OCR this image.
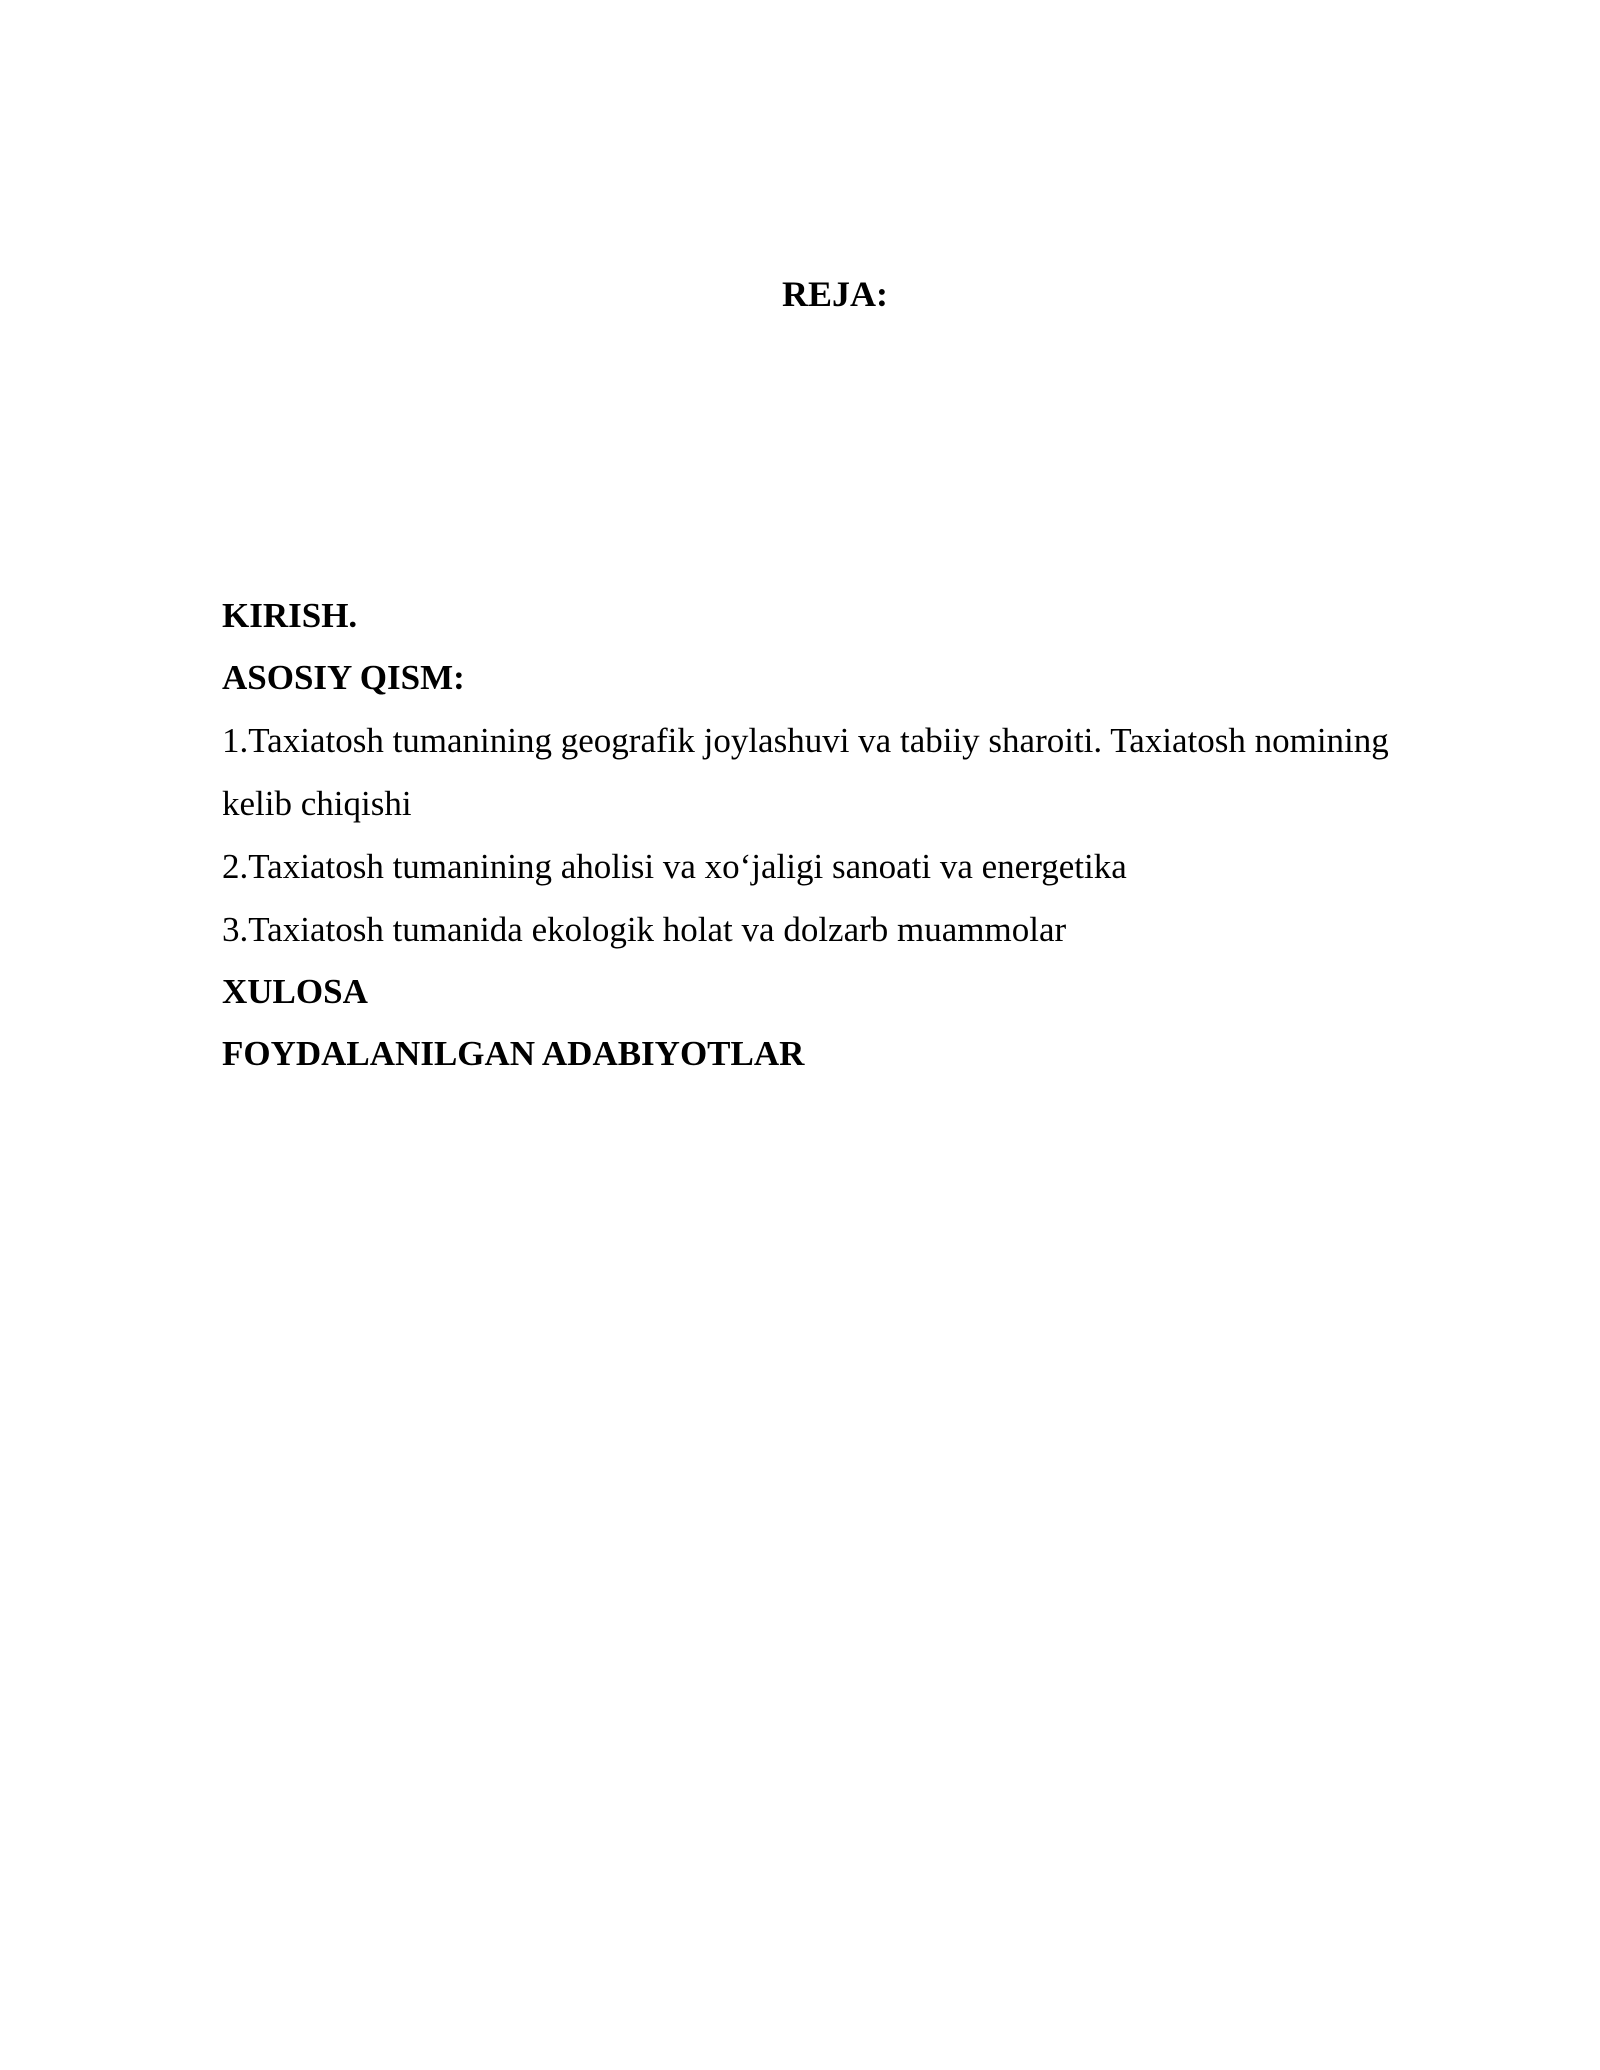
REJA:

KIRISH.

ASOSIY QISM:

1.Taxiatosh tumanining geografik joylashuvi va tabiiy sharoiti. Taxiatosh nomining kelib chiqishi

2.Taxiatosh tumanining aholisi va xo‘jaligi sanoati va energetika

3.Taxiatosh tumanida ekologik holat va dolzarb muammolar

XULOSA

FOYDALANILGAN ADABIYOTLAR
